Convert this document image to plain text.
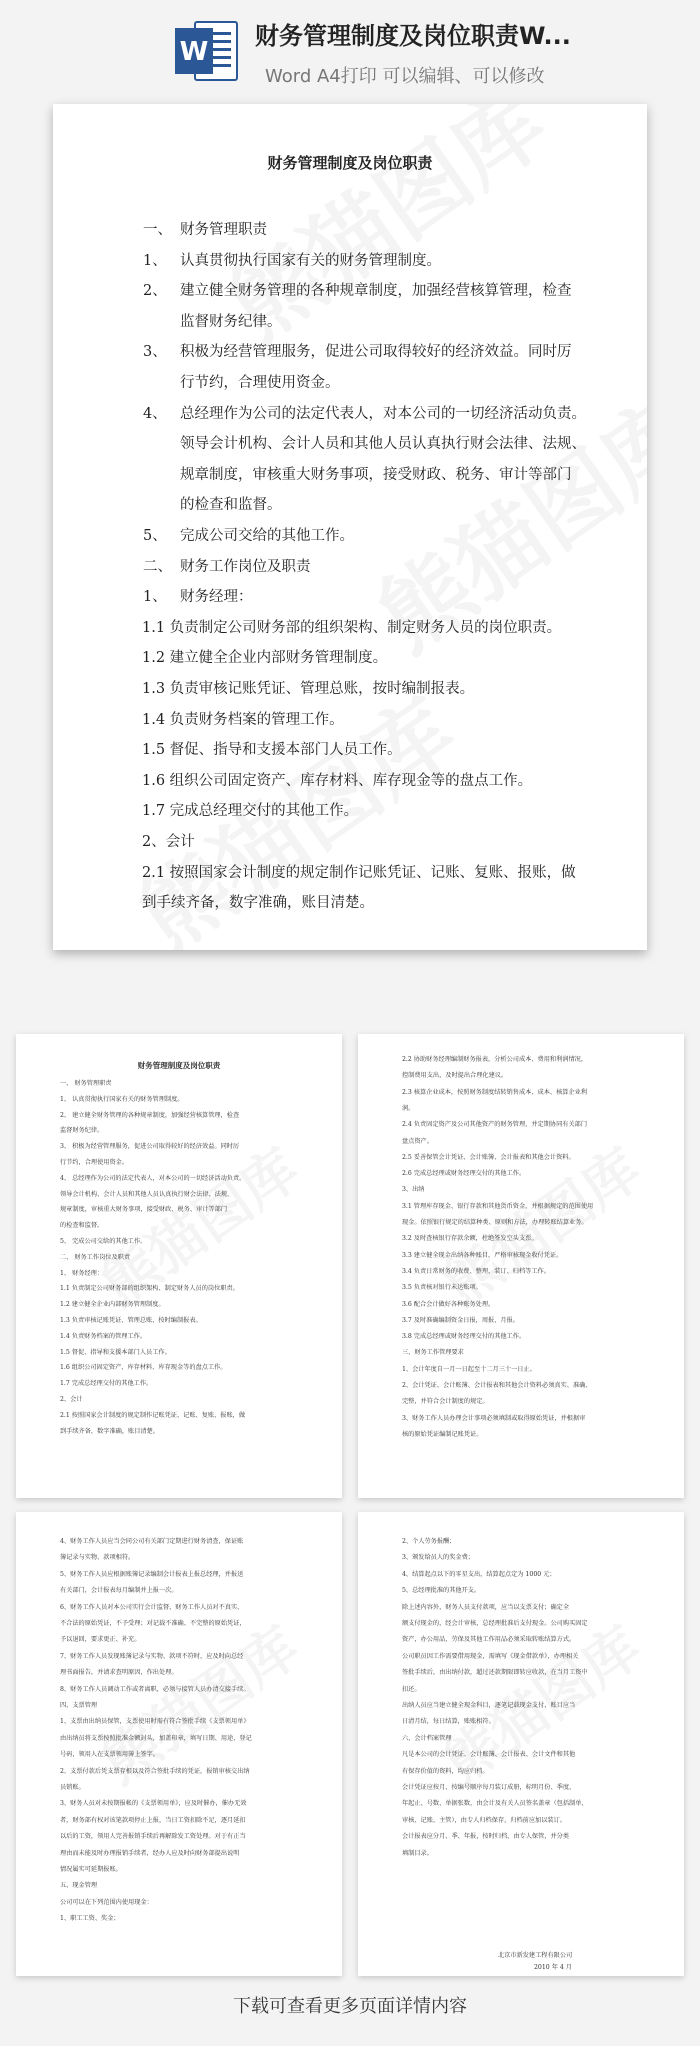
W
财务管理制度及岗位职责W...
Word A4打印 可以编辑、可以修改
财务管理制度及岗位职责
一、 财务管理职责
1、 认真贯彻执行国家有关的财务管理制度。
2、 建立健全财务管理的各种规章制度，加强经营核算管理，检查
监督财务纪律。
3、 积极为经营管理服务，促进公司取得较好的经济效益。同时厉
行节约，合理使用资金。
4、 总经理作为公司的法定代表人，对本公司的一切经济活动负责。
领导会计机构、会计人员和其他人员认真执行财会法律、法规、
规章制度，审核重大财务事项，接受财政、税务、审计等部门
的检查和监督。
5、 完成公司交给的其他工作。
二、 财务工作岗位及职责
1、 财务经理：
1.1 负责制定公司财务部的组织架构、制定财务人员的岗位职责。
1.2 建立健全企业内部财务管理制度。
1.3 负责审核记账凭证、管理总账，按时编制报表。
1.4 负责财务档案的管理工作。
1.5 督促、指导和支援本部门人员工作。
1.6 组织公司固定资产、库存材料、库存现金等的盘点工作。
1.7 完成总经理交付的其他工作。
2、会计
2.1 按照国家会计制度的规定制作记账凭证、记账、复账、报账，做
到手续齐备，数字准确，账目清楚。
财务管理制度及岗位职责
一、 财务管理职责
1、 认真贯彻执行国家有关的财务管理制度。
2、 建立健全财务管理的各种规章制度，加强经营核算管理，检查
监督财务纪律。
3、 积极为经营管理服务，促进公司取得较好的经济效益。同时厉
行节约，合理使用资金。
4、 总经理作为公司的法定代表人，对本公司的一切经济活动负责。
领导会计机构、会计人员和其他人员认真执行财会法律、法规、
规章制度，审核重大财务事项，接受财政、税务、审计等部门
的检查和监督。
5、 完成公司交给的其他工作。
二、 财务工作岗位及职责
1、 财务经理：
1.1 负责制定公司财务部的组织架构、制定财务人员的岗位职责。
1.2 建立健全企业内部财务管理制度。
1.3 负责审核记账凭证、管理总账，按时编制报表。
1.4 负责财务档案的管理工作。
1.5 督促、指导和支援本部门人员工作。
1.6 组织公司固定资产、库存材料、库存现金等的盘点工作。
1.7 完成总经理交付的其他工作。
2、会计
2.1 按照国家会计制度的规定制作记账凭证、记账、复账、报账，做
到手续齐备，数字准确，账目清楚。
2.2 协助财务经理编制财务报表，分析公司成本、费用和利润情况，
控制费用支出，及时提出合理化建议。
2.3 核算企业成本，按照财务制度结转销售成本、成本、核算企业利
润。
2.4 负责固定资产及公司其他资产的财务管理，并定期协同有关部门
盘点资产。
2.5 妥善保管会计凭证、会计账簿、会计报表和其他会计资料。
2.6 完成总经理或财务经理交付的其他工作。
3、出纳
3.1 管理库存现金、银行存款和其他货币资金，并根据规定的范围使用
现金。依照银行规定的结算种类、原则和方法，办理转账结算业务。
3.2 及时查核银行存款余额，杜绝签发空头支票。
3.3 建立健全现金出纳各种账目，严格审核现金收付凭证。
3.4 负责日常财务的收费、整理、装订、归档等工作。
3.5 负责核对银行未达账项。
3.6 配合会计做好各种账务处理。
3.7 及时准确编制资金日报，周报，月报。
3.8 完成总经理或财务经理交付的其他工作。
三、财务工作管理要求
1、会计年度自一月一日起至十二月三十一日止。
2、会计凭证、会计账簿、会计报表和其他会计资料必须真实、准确、
完整，并符合会计制度的规定。
3、财务工作人员办理会计事项必须填制或取得原始凭证，并根据审
核的原始凭证编制记账凭证。
4、财务工作人员应当会同公司有关部门定期进行财务清查，保证账
簿记录与实物、款项相符。
5、财务工作人员应根据账簿记录编制会计报表上报总经理，并报送
有关部门，会计报表每月编制并上报一次。
6、财务工作人员对本公司实行会计监督，财务工作人员对不真实、
不合法的原始凭证，不予受理；对记载不准确、不完整的原始凭证，
予以退回，要求更正、补充。
7、财务工作人员发现账簿记录与实物、款项不符时，应及时向总经
理书面报告，并请求查明原因，作出处理。
8、财务工作人员调动工作或者离职，必须与接管人员办清交接手续。
四、支票管理
1、支票由出纳员保管，支票使用时需有符合签批手续《支票领用单》
由出纳员将支票按照批准金额封头，加盖印章，填写日期、用途、登记
号码，领用人在支票领用簿上签字。
2、支票付款后凭支票存根以及符合签批手续的凭证，报销审核交出纳
员销账。
3、财务人员对未按期报帐的《支票领用单》，应及时催办，催办无效
者，财务部有权对该笔款项停止上报，当日工资扣除不足，逐月延扣
以后的工资，领用人完善报销手续后再解除发工资处理。对于有正当
理由而未能及时办理报销手续者，经办人应及时向财务部提出说明
情况属实可延期报账。
五、现金管理
公司可以在下列范围内使用现金：
1、职工工资、奖金；
北京市新发建工程有限公司
2010 年 4 月
2、个人劳务报酬；
3、颁发给员人的奖金费；
4、结算起点以下的零星支出，结算起点定为 1000 元；
5、总经理批准的其他开支。
除上述内容外，财务人员支付款项，应当以支票支付；确定全
额支付现金的，经会计审核，总经理批准后支付现金。公司购买固定
资产，办公用品，劳保及其他工作用品必须采取转账结算方式。
公司职员因工作需要借用现金，需填写《现金借款单》，办理相关
签批手续后，由出纳付款，超过还款期限即转应收款，在当月工资中
扣还。
出纳人员应当建立健全现金科目，逐笔记载现金支付，账目应当
日清月结，每日结算，账账相符。
六、会计档案管理
凡是本公司的会计凭证、会计账簿、会计报表、会计文件和其他
有保存价值的资料，均应归档。
会计凭证应按月、按编号顺序每月装订成册，标明月份、季度、
年起止、号数、单据张数，由会计及有关人员签名盖章（包括制单、
审核、记账、主管），由专人归档保存，归档前应加以装订。
会计报表应分月、季、年报，按时归档，由专人保管，并分类
填制目录。
下载可查看更多页面详情内容
